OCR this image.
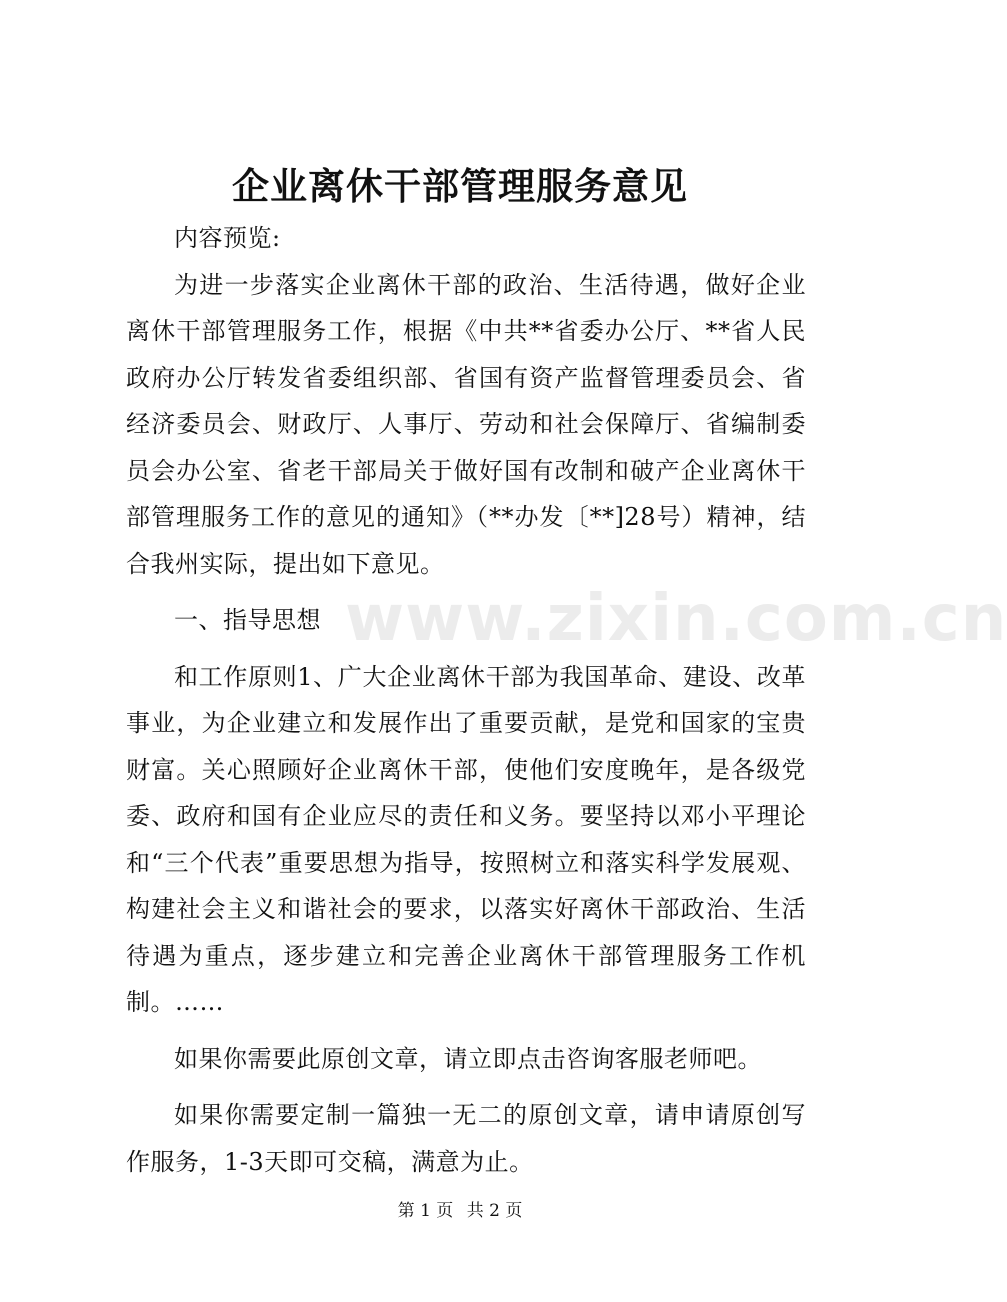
企业离休干部管理服务意见

内容预览:

为进一步落实企业离休干部的政治、生活待遇，做好企业离休干部管理服务工作，根据《中共**省委办公厅、**省人民政府办公厅转发省委组织部、省国有资产监督管理委员会、省经济委员会、财政厅、人事厅、劳动和社会保障厅、省编制委员会办公室、省老干部局关于做好国有改制和破产企业离休干部管理服务工作的意见的通知》（**办发〔**]28号）精神，结合我州实际，提出如下意见。

一、指导思想

和工作原则1、广大企业离休干部为我国革命、建设、改革事业，为企业建立和发展作出了重要贡献，是党和国家的宝贵财富。关心照顾好企业离休干部，使他们安度晚年，是各级党委、政府和国有企业应尽的责任和义务。要坚持以邓小平理论和“三个代表”重要思想为指导，按照树立和落实科学发展观、构建社会主义和谐社会的要求，以落实好离休干部政治、生活待遇为重点，逐步建立和完善企业离休干部管理服务工作机制。……

如果你需要此原创文章，请立即点击咨询客服老师吧。

如果你需要定制一篇独一无二的原创文章，请申请原创写作服务，1-3天即可交稿，满意为止。

www.zixin.com.cn
第 1 页 共 2 页
